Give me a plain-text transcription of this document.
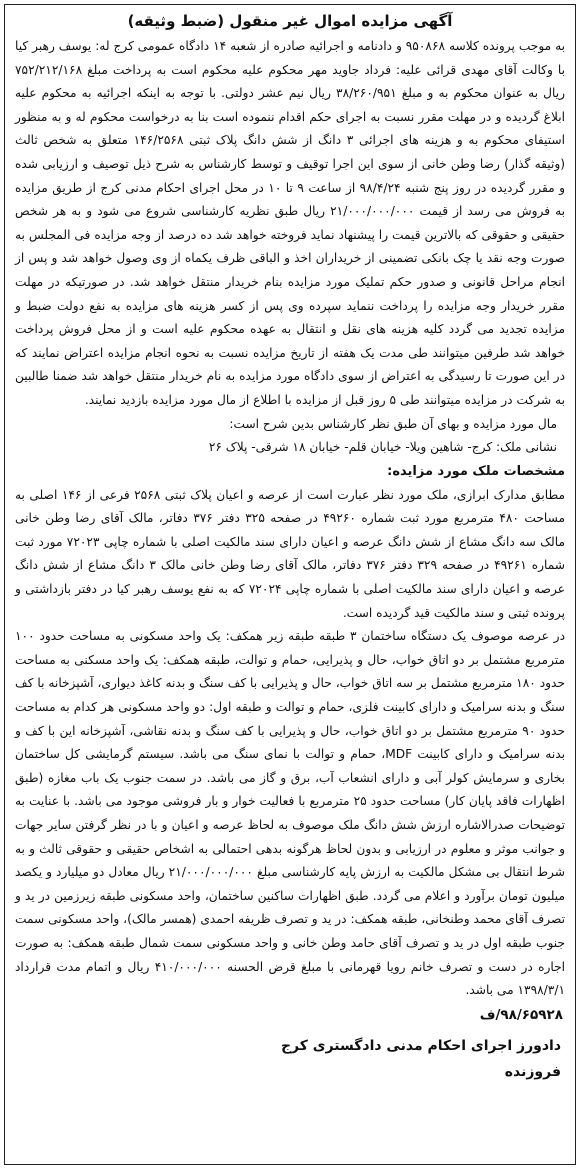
آگهی مزایده اموال غیر منقول (ضبط وثیقه)
به موجب پرونده کلاسه ۹۵۰۸۶۸ و دادنامه و اجرائیه صادره از شعبه ۱۴ دادگاه عمومی کرج له: یوسف رهبر کیا با وکالت آقای مهدی قرائی علیه: فرداد جاوید مهر محکوم علیه محکوم است به پرداخت مبلغ ۷۵۲/۲۱۲/۱۶۸ ریال به عنوان محکوم به و مبلغ ۳۸/۲۶۰/۹۵۱ ریال نیم عشر دولتی. با توجه به اینکه اجرائیه به محکوم علیه ابلاغ گردیده و در مهلت مقرر نسبت به اجرای حکم اقدام ننموده است بنا به درخواست محکوم له و به منظور استیفای محکوم به و هزینه های اجرائی ۳ دانگ از شش دانگ پلاک ثبتی ۱۴۶/۲۵۶۸ متعلق به شخص ثالث (وثیقه گذار) رضا وطن خانی از سوی این اجرا توقیف و توسط کارشناس به شرح ذیل توصیف و ارزیابی شده و مقرر گردیده در روز پنج شنبه ۹۸/۴/۲۴ از ساعت ۹ تا ۱۰ در محل اجرای احکام مدنی کرج از طریق مزایده به فروش می رسد از قیمت ۲۱/۰۰۰/۰۰۰/۰۰۰ ریال طبق نظریه کارشناسی شروع می شود و به هر شخص حقیقی و حقوقی که بالاترین قیمت را پیشنهاد نماید فروخته خواهد شد ده درصد از وجه مزایده فی المجلس به صورت وجه نقد یا چک بانکی تضمینی از خریداران اخذ و الباقی ظرف یکماه از وی وصول خواهد شد و پس از انجام مراحل قانونی و صدور حکم تملیک مورد مزایده بنام خریدار منتقل خواهد شد. در صورتیکه در مهلت مقرر خریدار وجه مزایده را پرداخت ننماید سپرده وی پس از کسر هزینه های مزایده به نفع دولت ضبط و مزایده تجدید می گردد کلیه هزینه های نقل و انتقال به عهده محکوم علیه است و از محل فروش پرداخت خواهد شد طرفین میتوانند طی مدت یک هفته از تاریخ مزایده نسبت به نحوه انجام مزایده اعتراض نمایند که در این صورت تا رسیدگی به اعتراض از سوی دادگاه مورد مزایده به نام خریدار منتقل خواهد شد ضمنا طالبین به شرکت در مزایده میتوانند طی ۵ روز قبل از مزایده با اطلاع از مال مورد مزایده بازدید نمایند.
مال مورد مزایده و بهای آن طبق نظر کارشناس بدین شرح است:
نشانی ملک: کرج- شاهین ویلا- خیابان قلم- خیابان ۱۸ شرقی- پلاک ۲۶
مشخصات ملک مورد مزایده:
مطابق مدارک ابرازی، ملک مورد نظر عبارت است از عرصه و اعیان پلاک ثبتی ۲۵۶۸ فرعی از ۱۴۶ اصلی به مساحت ۴۸۰ مترمربع مورد ثبت شماره ۴۹۲۶۰ در صفحه ۳۲۵ دفتر ۳۷۶ دفاتر، مالک آقای رضا وطن خانی مالک سه دانگ مشاع از شش دانگ عرصه و اعیان دارای سند مالکیت اصلی با شماره چاپی ۷۲۰۲۳ مورد ثبت شماره ۴۹۲۶۱ در صفحه ۳۲۹ دفتر ۳۷۶ دفاتر، مالک آقای رضا وطن خانی مالک ۳ دانگ مشاع از شش دانگ عرصه و اعیان دارای سند مالکیت اصلی با شماره چاپی ۷۲۰۲۴ که به نفع یوسف رهبر کیا در دفتر بازداشتی و پرونده ثبتی و سند مالکیت قید گردیده است.
در عرصه موصوف یک دستگاه ساختمان ۳ طبقه طبقه زیر همکف: یک واحد مسکونی به مساحت حدود ۱۰۰ مترمربع مشتمل بر دو اتاق خواب، حال و پذیرایی، حمام و توالت، طبقه همکف: یک واحد مسکنی به مساحت حدود ۱۸۰ مترمربع مشتمل بر سه اتاق خواب، حال و پذیرایی با کف سنگ و بدنه کاغذ دیواری، آشپزخانه با کف سنگ و بدنه سرامیک و دارای کابینت فلزی، حمام و توالت و طبقه اول: دو واحد مسکونی هر کدام به مساحت حدود ۹۰ مترمربع مشتمل بر دو اتاق خواب، حال و پذیرایی با کف سنگ و بدنه نقاشی، آشپزخانه این با کف و بدنه سرامیک و دارای کابینت MDF، حمام و توالت با نمای سنگ می باشد. سیستم گرمایشی کل ساختمان بخاری و سرمایش کولر آبی و دارای انشعاب آب، برق و گاز می باشد. در سمت جنوب یک باب مغازه (طبق اظهارات فاقد پایان کار) مساحت حدود ۲۵ مترمربع با فعالیت خوار و بار فروشی موجود می باشد. با عنایت به توضیحات صدرالاشاره ارزش شش دانگ ملک موصوف به لحاظ عرصه و اعیان و با در نظر گرفتن سایر جهات و جوانب موثر و معلوم در ارزیابی و بدون لحاظ هرگونه بدهی احتمالی به اشخاص حقیقی و حقوقی ثالث و به شرط انتقال بی مشکل مالکیت به ارزش پایه کارشناسی مبلغ ۲۱/۰۰۰/۰۰۰/۰۰۰ ریال معادل دو میلیارد و یکصد میلیون تومان برآورد و اعلام می گردد. طبق اظهارات ساکنین ساختمان، واحد مسکونی طبقه زیرزمین در ید و تصرف آقای محمد وطنخانی، طبقه همکف: در ید و تصرف ظریفه احمدی (همسر مالک)، واحد مسکونی سمت جنوب طبقه اول در ید و تصرف آقای حامد وطن خانی و واحد مسکونی سمت شمال طبقه همکف: به صورت اجاره در دست و تصرف خانم رویا قهرمانی با مبلغ قرض الحسنه ۴۱۰/۰۰۰/۰۰۰ ریال و اتمام مدت قرارداد ۱۳۹۸/۳/۱ می باشد.
۹۸/۶۵۹۲۸/ف
دادورز اجرای احکام مدنی دادگستری کرج
فروزنده
